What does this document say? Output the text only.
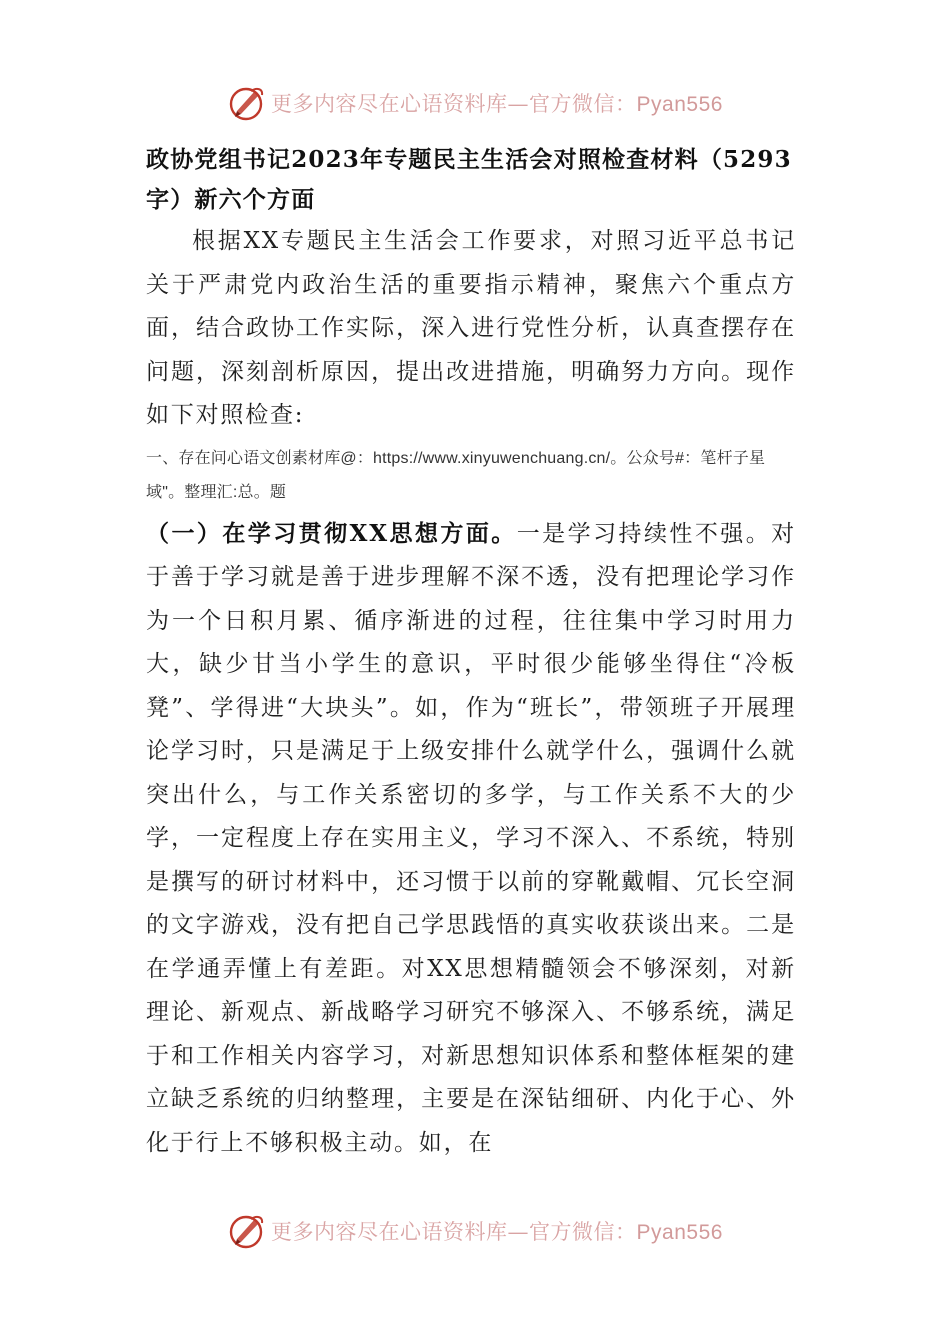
更多内容尽在心语资料库—官方微信：Pyan556

政协党组书记2023年专题民主生活会对照检查材料（5293字）新六个方面

根据XX专题民主生活会工作要求，对照习近平总书记关于严肃党内政治生活的重要指示精神，聚焦六个重点方面，结合政协工作实际，深入进行党性分析，认真查摆存在问题，深刻剖析原因，提出改进措施，明确努力方向。现作如下对照检查:

一、存在问心语文创素材库@：https://www.xinyuwenchuang.cn/。公众号#：笔杆子星域"。整理汇:总。题

（一）在学习贯彻XX思想方面。一是学习持续性不强。对于善于学习就是善于进步理解不深不透，没有把理论学习作为一个日积月累、循序渐进的过程，往往集中学习时用力大，缺少甘当小学生的意识，平时很少能够坐得住“冷板凳”、学得进“大块头”。如，作为“班长”，带领班子开展理论学习时，只是满足于上级安排什么就学什么，强调什么就突出什么，与工作关系密切的多学，与工作关系不大的少学，一定程度上存在实用主义，学习不深入、不系统，特别是撰写的研讨材料中，还习惯于以前的穿靴戴帽、冗长空洞的文字游戏，没有把自己学思践悟的真实收获谈出来。二是在学通弄懂上有差距。对XX思想精髓领会不够深刻，对新理论、新观点、新战略学习研究不够深入、不够系统，满足于和工作相关内容学习，对新思想知识体系和整体框架的建立缺乏系统的归纳整理，主要是在深钻细研、内化于心、外化于行上不够积极主动。如，在

更多内容尽在心语资料库—官方微信：Pyan556
